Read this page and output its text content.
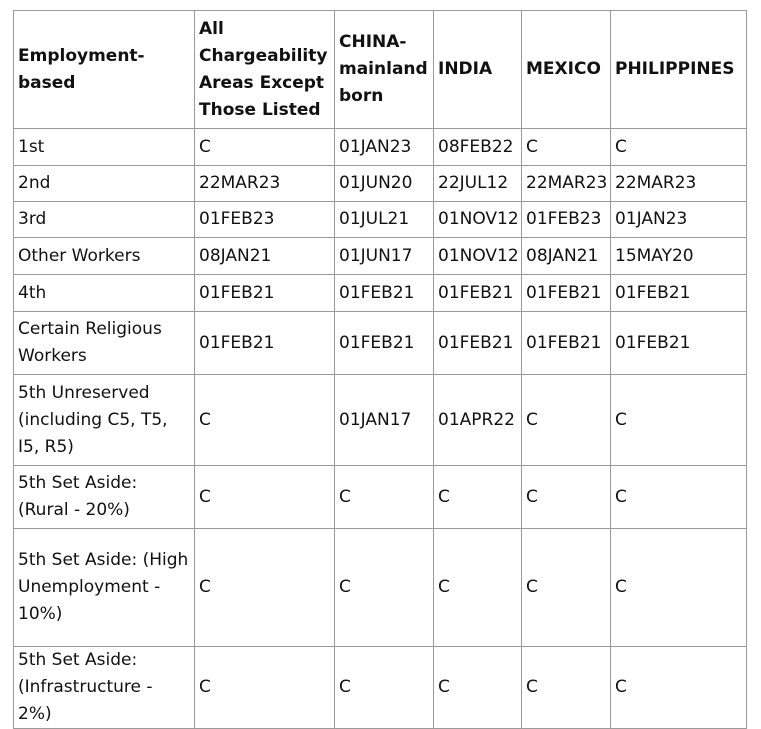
Employment-based	All Chargeability Areas Except Those Listed	CHINA-mainland born	INDIA	MEXICO	PHILIPPINES
1st	C	01JAN23	08FEB22	C	C
2nd	22MAR23	01JUN20	22JUL12	22MAR23	22MAR23
3rd	01FEB23	01JUL21	01NOV12	01FEB23	01JAN23
Other Workers	08JAN21	01JUN17	01NOV12	08JAN21	15MAY20
4th	01FEB21	01FEB21	01FEB21	01FEB21	01FEB21
Certain Religious Workers	01FEB21	01FEB21	01FEB21	01FEB21	01FEB21
5th Unreserved (including C5, T5, I5, R5)	C	01JAN17	01APR22	C	C
5th Set Aside: (Rural - 20%)	C	C	C	C	C
5th Set Aside: (High Unemployment - 10%)	C	C	C	C	C
5th Set Aside: (Infrastructure - 2%)	C	C	C	C	C
